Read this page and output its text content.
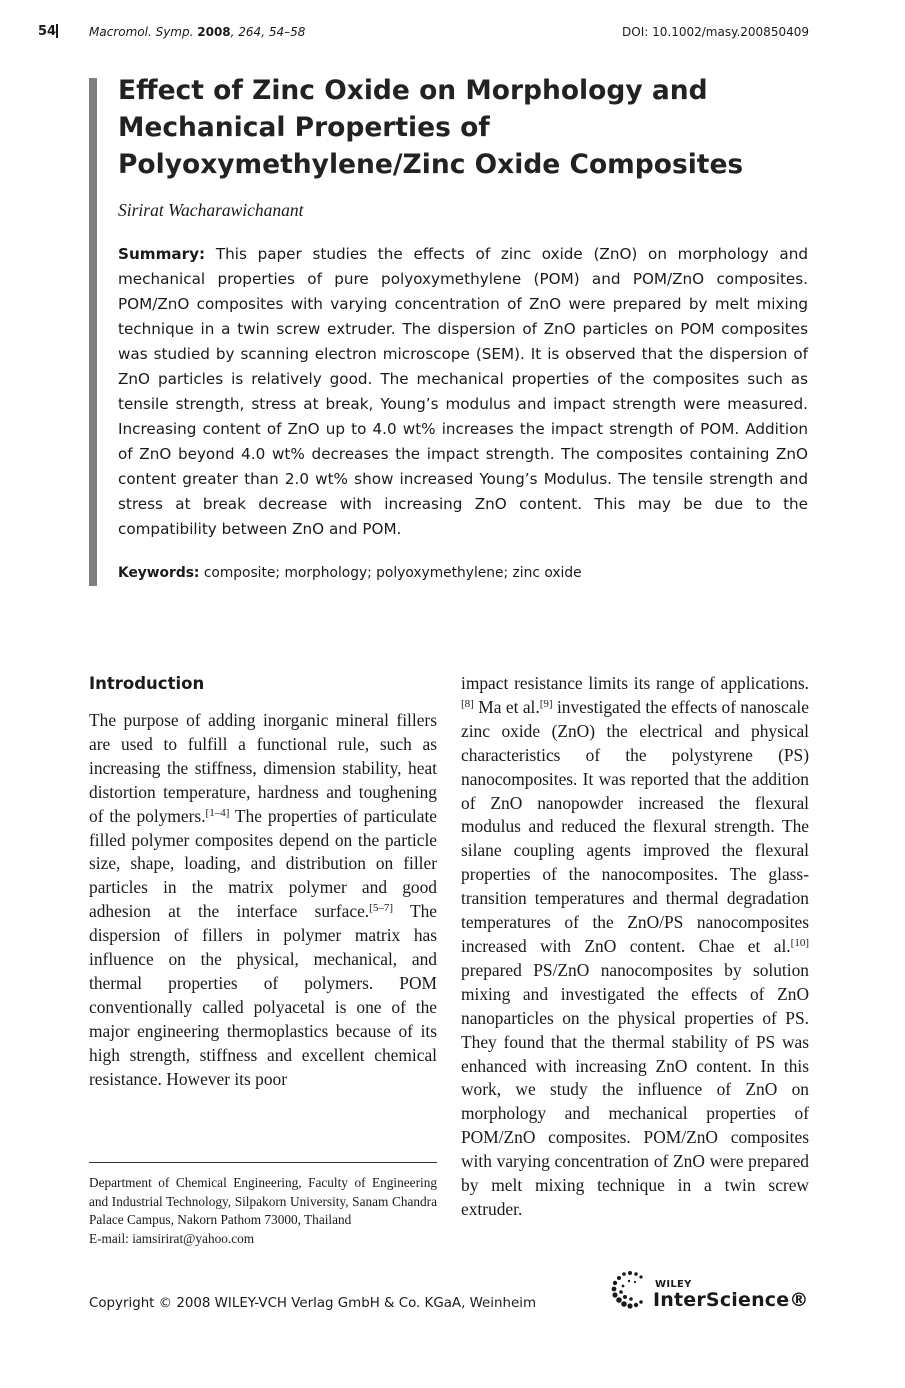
54	Macromol. Symp. 2008, 264, 54–58	DOI: 10.1002/masy.200850409
Effect of Zinc Oxide on Morphology and Mechanical Properties of Polyoxymethylene/Zinc Oxide Composites
Sirirat Wacharawichanant

Summary: This paper studies the effects of zinc oxide (ZnO) on morphology and mechanical properties of pure polyoxymethylene (POM) and POM/ZnO composites. POM/ZnO composites with varying concentration of ZnO were prepared by melt mixing technique in a twin screw extruder. The dispersion of ZnO particles on POM composites was studied by scanning electron microscope (SEM). It is observed that the dispersion of ZnO particles is relatively good. The mechanical properties of the composites such as tensile strength, stress at break, Young’s modulus and impact strength were measured. Increasing content of ZnO up to 4.0 wt% increases the impact strength of POM. Addition of ZnO beyond 4.0 wt% decreases the impact strength. The composites containing ZnO content greater than 2.0 wt% show increased Young’s Modulus. The tensile strength and stress at break decrease with increasing ZnO content. This may be due to the compatibility between ZnO and POM.

Keywords: composite; morphology; polyoxymethylene; zinc oxide
Introduction

The purpose of adding inorganic mineral fillers are used to fulfill a functional rule, such as increasing the stiffness, dimension stability, heat distortion temperature, hardness and toughening of the polymers.[1–4] The properties of particulate filled polymer composites depend on the particle size, shape, loading, and distribution on filler particles in the matrix polymer and good adhesion at the interface surface.[5–7] The dispersion of fillers in polymer matrix has influence on the physical, mechanical, and thermal properties of polymers. POM conventionally called polyacetal is one of the major engineering thermoplastics because of its high strength, stiffness and excellent chemical resistance. However its poor

impact resistance limits its range of applications.[8] Ma et al.[9] investigated the effects of nanoscale zinc oxide (ZnO) the electrical and physical characteristics of the polystyrene (PS) nanocomposites. It was reported that the addition of ZnO nanopowder increased the flexural modulus and reduced the flexural strength. The silane coupling agents improved the flexural properties of the nanocomposites. The glass-transition temperatures and thermal degradation temperatures of the ZnO/PS nanocomposites increased with ZnO content. Chae et al.[10] prepared PS/ZnO nanocomposites by solution mixing and investigated the effects of ZnO nanoparticles on the physical properties of PS. They found that the thermal stability of PS was enhanced with increasing ZnO content. In this work, we study the influence of ZnO on morphology and mechanical properties of POM/ZnO composites. POM/ZnO composites with varying concentration of ZnO were prepared by melt mixing technique in a twin screw extruder.

Department of Chemical Engineering, Faculty of Engineering and Industrial Technology, Silpakorn University, Sanam Chandra Palace Campus, Nakorn Pathom 73000, Thailand

E-mail: iamsirirat@yahoo.com

Copyright © 2008 WILEY-VCH Verlag GmbH & Co. KGaA, Weinheim
WILEY
InterScience®
